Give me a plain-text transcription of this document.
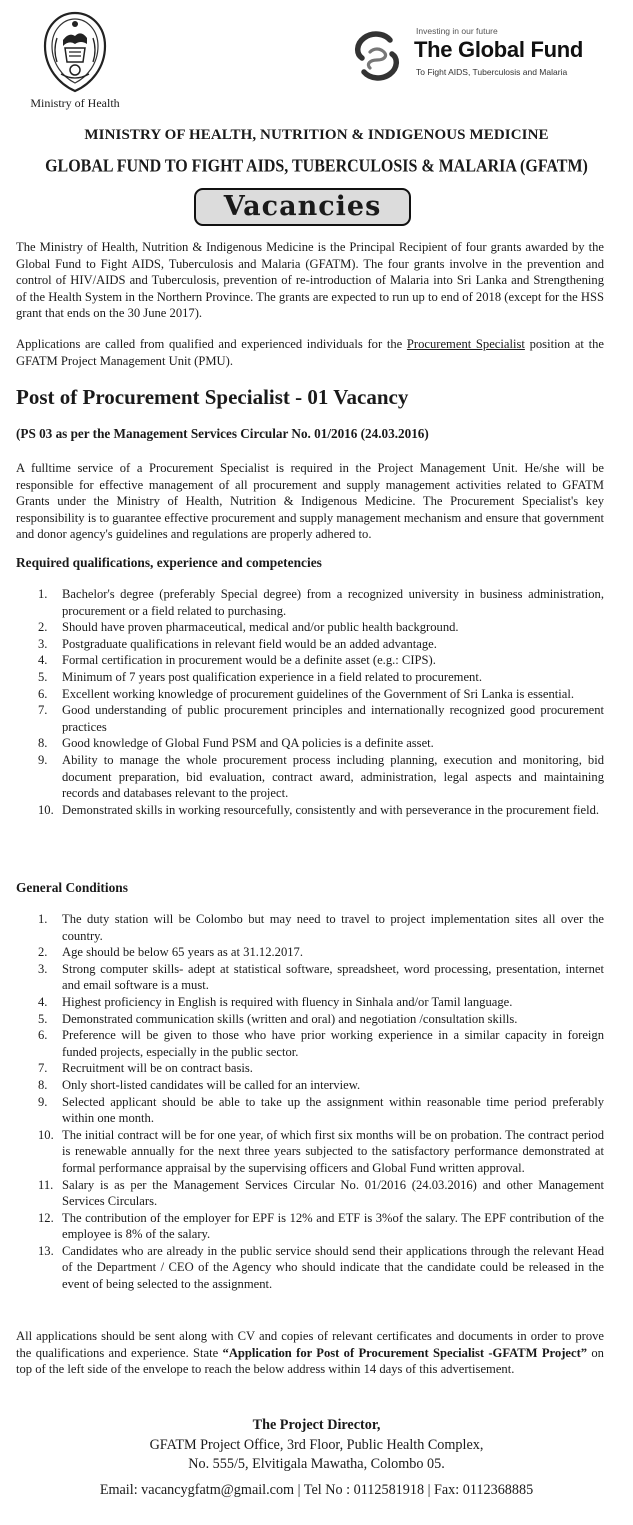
Ministry of Health
Investing in our future
The Global Fund
To Fight AIDS, Tuberculosis and Malaria
MINISTRY OF HEALTH, NUTRITION & INDIGENOUS MEDICINE
GLOBAL FUND TO FIGHT AIDS, TUBERCULOSIS & MALARIA (GFATM)
Vacancies

The Ministry of Health, Nutrition & Indigenous Medicine is the Principal Recipient of four grants awarded by the Global Fund to Fight AIDS, Tuberculosis and Malaria (GFATM). The four grants involve in the prevention and control of HIV/AIDS and Tuberculosis, prevention of re-introduction of Malaria into Sri Lanka and Strengthening of the Health System in the Northern Province. The grants are expected to run up to end of 2018 (except for the HSS grant that ends on the 30 June 2017).

Applications are called from qualified and experienced individuals for the Procurement Specialist position at the GFATM Project Management Unit (PMU).

Post of Procurement Specialist - 01 Vacancy
(PS 03 as per the Management Services Circular No. 01/2016 (24.03.2016)

A fulltime service of a Procurement Specialist is required in the Project Management Unit. He/she will be responsible for effective management of all procurement and supply management activities related to GFATM Grants under the Ministry of Health, Nutrition & Indigenous Medicine. The Procurement Specialist's key responsibility is to guarantee effective procurement and supply management mechanism and ensure that government and donor agency's guidelines and regulations are properly adhered to.

Required qualifications, experience and competencies
1. Bachelor's degree (preferably Special degree) from a recognized university in business administration, procurement or a field related to purchasing.
2. Should have proven pharmaceutical, medical and/or public health background.
3. Postgraduate qualifications in relevant field would be an added advantage.
4. Formal certification in procurement would be a definite asset (e.g.: CIPS).
5. Minimum of 7 years post qualification experience in a field related to procurement.
6. Excellent working knowledge of procurement guidelines of the Government of Sri Lanka is essential.
7. Good understanding of public procurement principles and internationally recognized good procurement practices
8. Good knowledge of Global Fund PSM and QA policies is a definite asset.
9. Ability to manage the whole procurement process including planning, execution and monitoring, bid document preparation, bid evaluation, contract award, administration, legal aspects and maintaining records and databases relevant to the project.
10. Demonstrated skills in working resourcefully, consistently and with perseverance in the procurement field.
General Conditions
1. The duty station will be Colombo but may need to travel to project implementation sites all over the country.
2. Age should be below 65 years as at 31.12.2017.
3. Strong computer skills- adept at statistical software, spreadsheet, word processing, presentation, internet and email software is a must.
4. Highest proficiency in English is required with fluency in Sinhala and/or Tamil language.
5. Demonstrated communication skills (written and oral) and negotiation /consultation skills.
6. Preference will be given to those who have prior working experience in a similar capacity in foreign funded projects, especially in the public sector.
7. Recruitment will be on contract basis.
8. Only short-listed candidates will be called for an interview.
9. Selected applicant should be able to take up the assignment within reasonable time period preferably within one month.
10. The initial contract will be for one year, of which first six months will be on probation. The contract period is renewable annually for the next three years subjected to the satisfactory performance demonstrated at formal performance appraisal by the supervising officers and Global Fund written approval.
11. Salary is as per the Management Services Circular No. 01/2016 (24.03.2016) and other Management Services Circulars.
12. The contribution of the employer for EPF is 12% and ETF is 3%of the salary. The EPF contribution of the employee is 8% of the salary.
13. Candidates who are already in the public service should send their applications through the relevant Head of the Department / CEO of the Agency who should indicate that the candidate could be released in the event of being selected to the assignment.

All applications should be sent along with CV and copies of relevant certificates and documents in order to prove the qualifications and experience. State “Application for Post of Procurement Specialist -GFATM Project” on top of the left side of the envelope to reach the below address within 14 days of this advertisement.

The Project Director,
GFATM Project Office, 3rd Floor, Public Health Complex,
No. 555/5, Elvitigala Mawatha, Colombo 05.
Email: vacancygfatm@gmail.com | Tel No : 0112581918 | Fax: 0112368885
